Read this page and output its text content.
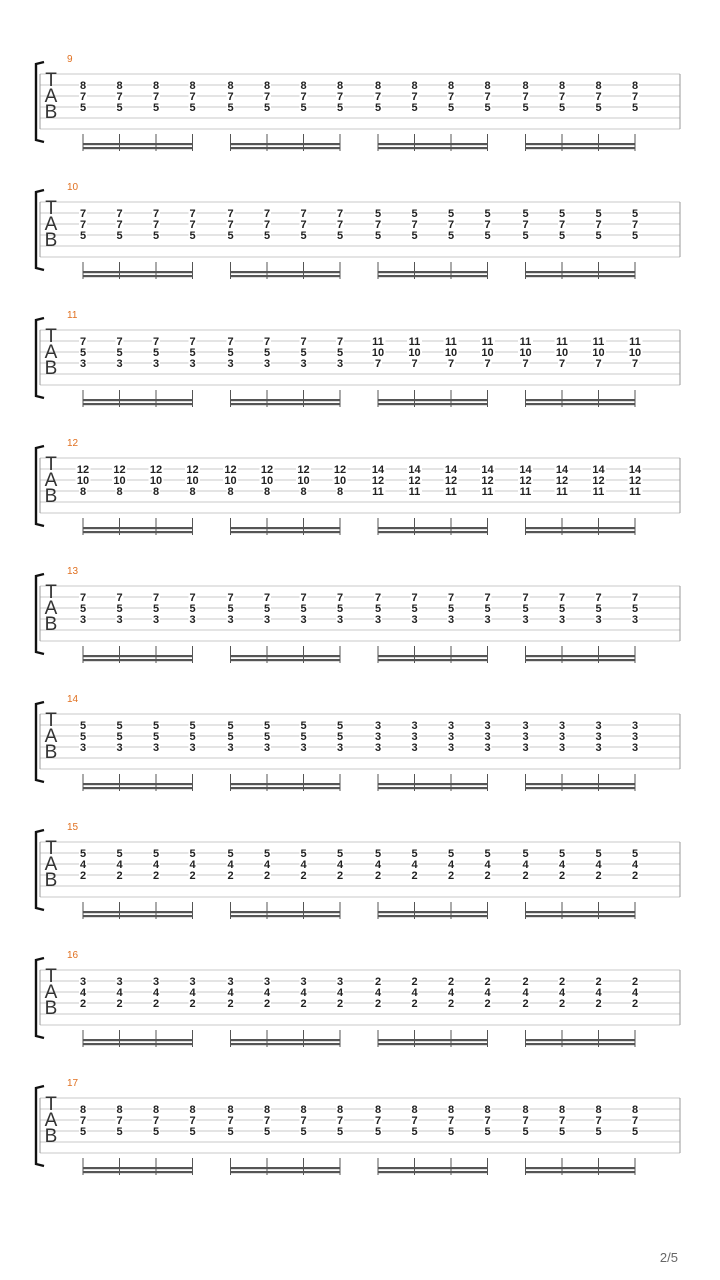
9
T
A
B
8
7
5
8
7
5
8
7
5
8
7
5
8
7
5
8
7
5
8
7
5
8
7
5
8
7
5
8
7
5
8
7
5
8
7
5
8
7
5
8
7
5
8
7
5
8
7
5
10
T
A
B
7
7
5
7
7
5
7
7
5
7
7
5
7
7
5
7
7
5
7
7
5
7
7
5
5
7
5
5
7
5
5
7
5
5
7
5
5
7
5
5
7
5
5
7
5
5
7
5
11
T
A
B
7
5
3
7
5
3
7
5
3
7
5
3
7
5
3
7
5
3
7
5
3
7
5
3
11
10
7
11
10
7
11
10
7
11
10
7
11
10
7
11
10
7
11
10
7
11
10
7
12
T
A
B
12
10
8
12
10
8
12
10
8
12
10
8
12
10
8
12
10
8
12
10
8
12
10
8
14
12
11
14
12
11
14
12
11
14
12
11
14
12
11
14
12
11
14
12
11
14
12
11
13
T
A
B
7
5
3
7
5
3
7
5
3
7
5
3
7
5
3
7
5
3
7
5
3
7
5
3
7
5
3
7
5
3
7
5
3
7
5
3
7
5
3
7
5
3
7
5
3
7
5
3
14
T
A
B
5
5
3
5
5
3
5
5
3
5
5
3
5
5
3
5
5
3
5
5
3
5
5
3
3
3
3
3
3
3
3
3
3
3
3
3
3
3
3
3
3
3
3
3
3
3
3
3
15
T
A
B
5
4
2
5
4
2
5
4
2
5
4
2
5
4
2
5
4
2
5
4
2
5
4
2
5
4
2
5
4
2
5
4
2
5
4
2
5
4
2
5
4
2
5
4
2
5
4
2
16
T
A
B
3
4
2
3
4
2
3
4
2
3
4
2
3
4
2
3
4
2
3
4
2
3
4
2
2
4
2
2
4
2
2
4
2
2
4
2
2
4
2
2
4
2
2
4
2
2
4
2
17
T
A
B
8
7
5
8
7
5
8
7
5
8
7
5
8
7
5
8
7
5
8
7
5
8
7
5
8
7
5
8
7
5
8
7
5
8
7
5
8
7
5
8
7
5
8
7
5
8
7
5
2/5
